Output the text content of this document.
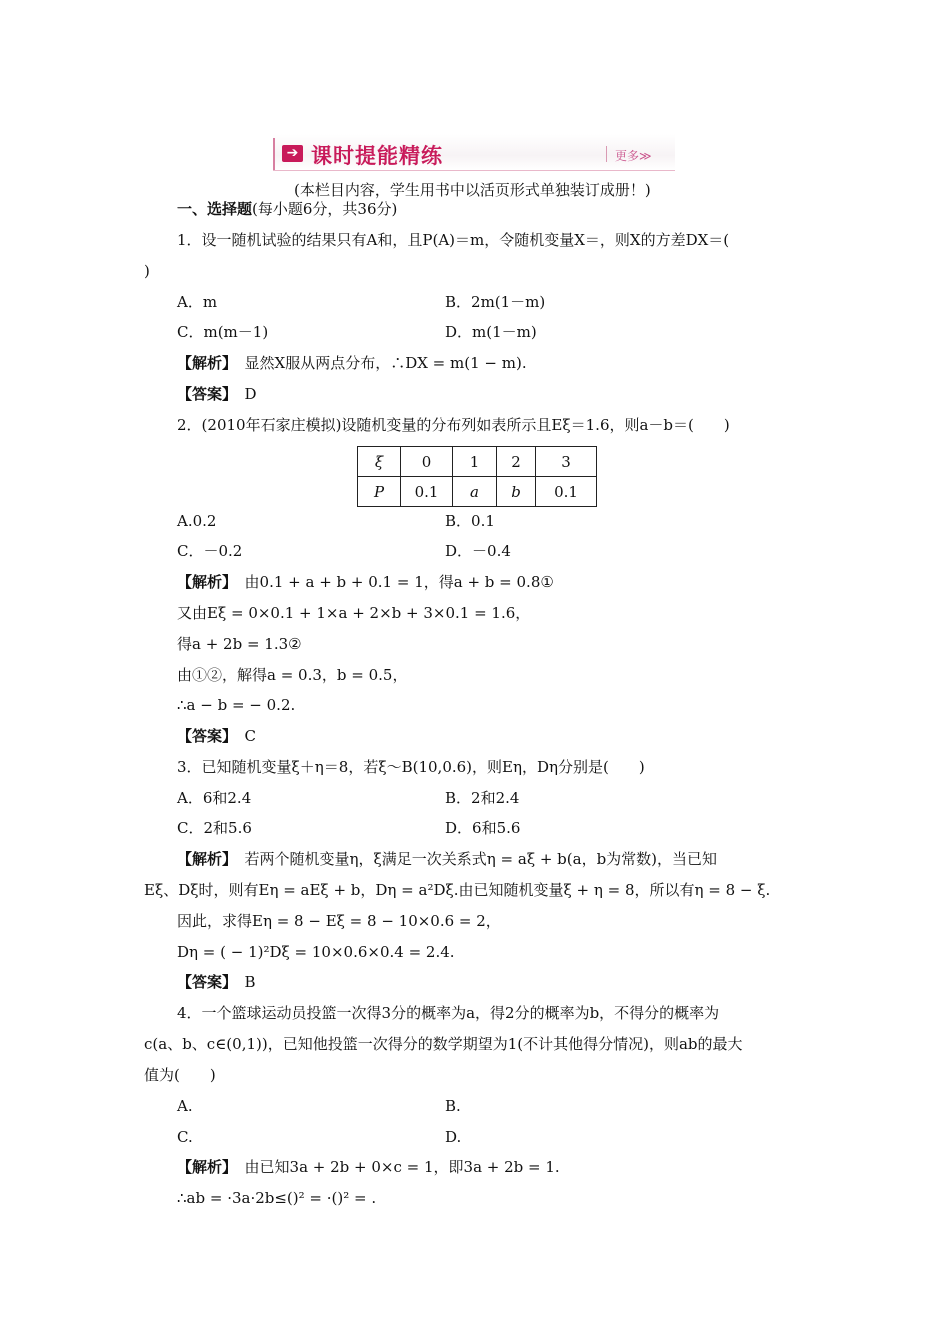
➔ 课时提能精练	更多≫
(本栏目内容，学生用书中以活页形式单独装订成册！)
一、选择题(每小题6分，共36分)
1．设一随机试验的结果只有A和，且P(A)＝m，令随机变量X＝，则X的方差DX＝(
)
A．m	B．2m(1－m)
C．m(m－1)	D．m(1－m)
【解析】　 显然X服从两点分布，∴DX = m(1 − m).
【答案】　 D
2．(2010年石家庄模拟)设随机变量的分布列如表所示且Eξ＝1.6，则a－b＝(　　)
ξ	0	1	2	3
P	0.1	a	b	0.1
A.0.2	B．0.1
C．－0.2	D．－0.4
【解析】　 由0.1 + a + b + 0.1 = 1，得a + b = 0.8①
又由Eξ = 0×0.1 + 1×a + 2×b + 3×0.1 = 1.6，
得a + 2b = 1.3②
由①②，解得a = 0.3，b = 0.5，
∴a − b = − 0.2.
【答案】　 C
3．已知随机变量ξ＋η＝8，若ξ～B(10,0.6)，则Eη，Dη分别是(　　)
A．6和2.4	B．2和2.4
C．2和5.6	D．6和5.6
【解析】　 若两个随机变量η，ξ满足一次关系式η = aξ + b(a，b为常数)，当已知
Eξ、Dξ时，则有Eη = aEξ + b，Dη = a²Dξ.由已知随机变量ξ + η = 8，所以有η = 8 − ξ.
因此，求得Eη = 8 − Eξ = 8 − 10×0.6 = 2，
Dη = ( − 1)²Dξ = 10×0.6×0.4 = 2.4.
【答案】　 B
4．一个篮球运动员投篮一次得3分的概率为a，得2分的概率为b，不得分的概率为
c(a、b、c∈(0,1))，已知他投篮一次得分的数学期望为1(不计其他得分情况)，则ab的最大
值为(　　)
A.	B.
C.	D.
【解析】　 由已知3a + 2b + 0×c = 1，即3a + 2b = 1.
∴ab = ·3a·2b≤()² = ·()² = .
